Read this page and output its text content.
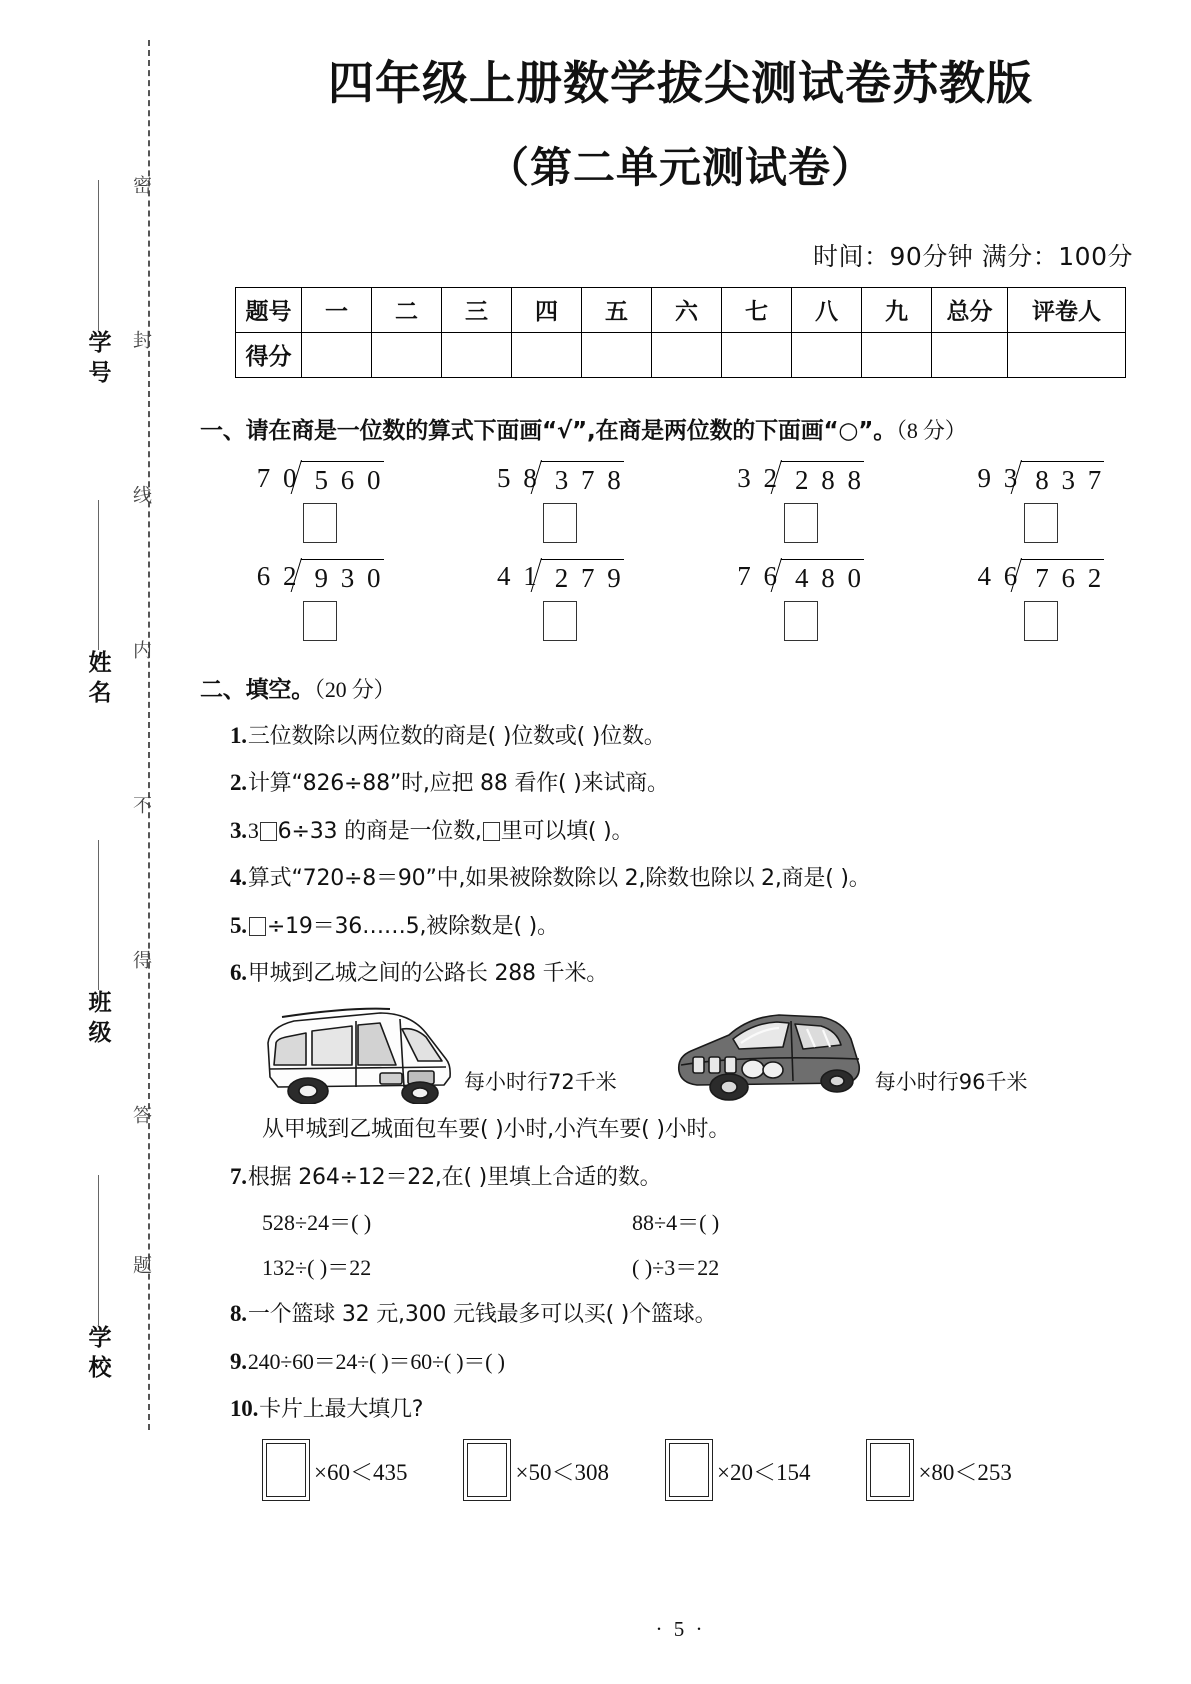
密
封
线
内
不
得
答
题
学号
姓名
班级
学校
四年级上册数学拔尖测试卷苏教版
（第二单元测试卷）
时间：90分钟 满分：100分
题号	一	二	三	四	五	六	七	八	九	总分	评卷人
得分											
一、请在商是一位数的算式下面画“√”,在商是两位数的下面画“○”。（8 分）
7 0 5 6 0	5 8 3 7 8	3 2 2 8 8	9 3 8 3 7
6 2 9 3 0	4 1 2 7 9	7 6 4 8 0	4 6 7 6 2
二、填空。（20 分）
1.三位数除以两位数的商是( )位数或( )位数。
2.计算“826÷88”时,应把 88 看作( )来试商。
3.3 6÷33 的商是一位数, 里可以填( )。
4.算式“720÷8＝90”中,如果被除数除以 2,除数也除以 2,商是( )。
5. ÷19＝36……5,被除数是( )。
6.甲城到乙城之间的公路长 288 千米。
每小时行72千米	每小时行96千米
从甲城到乙城面包车要( )小时,小汽车要( )小时。
7.根据 264÷12＝22,在( )里填上合适的数。
528÷24＝( )	88÷4＝( )
132÷( )＝22	( )÷3＝22
8.一个篮球 32 元,300 元钱最多可以买( )个篮球。
9.240÷60＝24÷( )＝60÷( )＝( )
10.卡片上最大填几?
×60＜435	×50＜308	×20＜154	×80＜253
· 5 ·
